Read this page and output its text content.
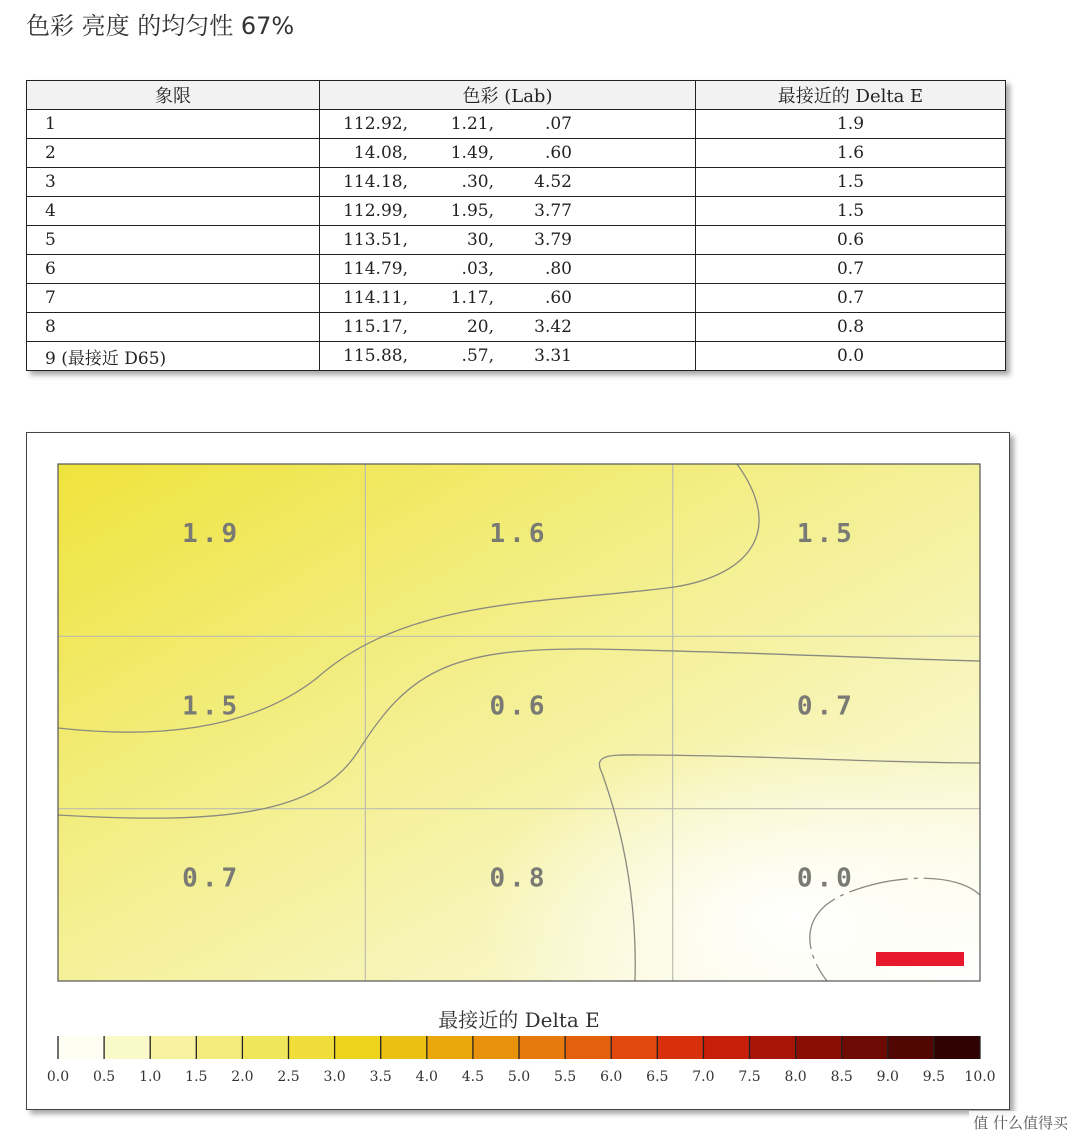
色彩 亮度 的均匀性 67%
象限	色彩 (Lab)	最接近的 Delta E
1	112.92, 1.21, .07	1.9
2	14.08, 1.49, .60	1.6
3	114.18, .30, 4.52	1.5
4	112.99, 1.95, 3.77	1.5
5	113.51, 30, 3.79	0.6
6	114.79, .03, .80	0.7
7	114.11, 1.17, .60	0.7
8	115.17, 20, 3.42	0.8
9 (最接近 D65)	115.88, .57, 3.31	0.0
1.9	1.6	1.5
1.5	0.6	0.7
0.7	0.8	0.0
最接近的 Delta E
0.0 0.5 1.0 1.5 2.0 2.5 3.0 3.5 4.0 4.5 5.0 5.5 6.0 6.5 7.0 7.5 8.0 8.5 9.0 9.5 10.0
值 什么值得买
